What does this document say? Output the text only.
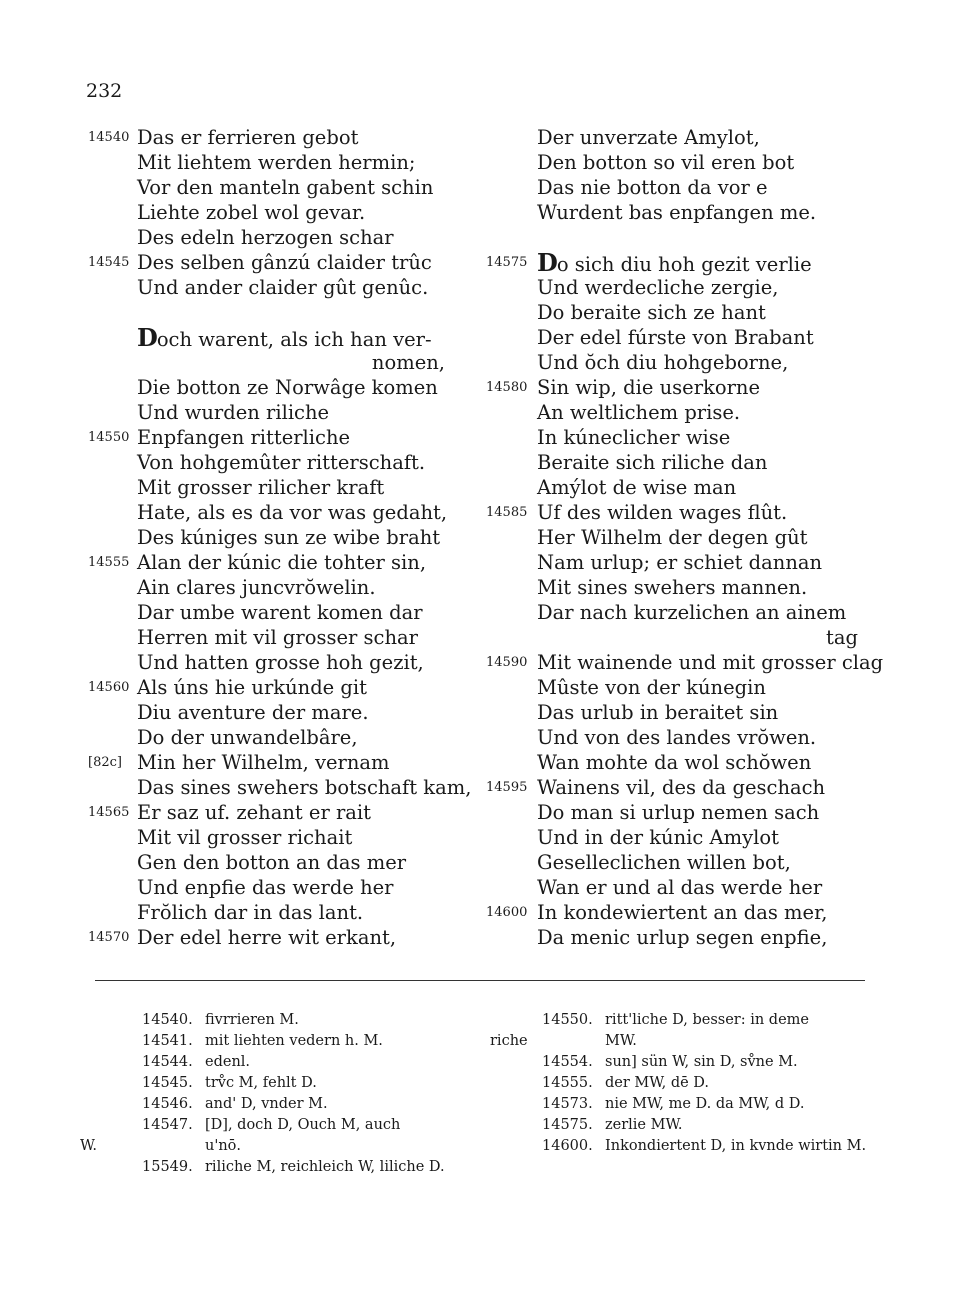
232
14540 Das er ferrieren gebot
Mit liehtem werden hermin;
Vor den manteln gabent schin
Liehte zobel wol gevar.
Des edeln herzogen schar
14545 Des selben gânzú claider trûc
Und ander claider gût genûc.
Doch warent, als ich han ver-
nomen,
Die botton ze Norwâge komen
Und wurden riliche
14550 Enpfangen ritterliche
Von hohgemûter ritterschaft.
Mit grosser rilicher kraft
Hate, als es da vor was gedaht,
Des kúniges sun ze wibe braht
14555 Alan der kúnic die tohter sin,
Ain clares juncvrŏwelin.
Dar umbe warent komen dar
Herren mit vil grosser schar
Und hatten grosse hoh gezit,
14560 Als úns hie urkúnde git
Diu aventure der mare.
Do der unwandelbâre,
[82c] Min her Wilhelm, vernam
Das sines swehers botschaft kam,
14565 Er saz uf. zehant er rait
Mit vil grosser richait
Gen den botton an das mer
Und enpfie das werde her
Frŏlich dar in das lant.
14570 Der edel herre wit erkant,
Der unverzate Amylot,
Den botton so vil eren bot
Das nie botton da vor e
Wurdent bas enpfangen me.
14575 Do sich diu hoh gezit verlie
Und werdecliche zergie,
Do beraite sich ze hant
Der edel fúrste von Brabant
Und ŏch diu hohgeborne,
14580 Sin wip, die userkorne
An weltlichem prise.
In kúneclicher wise
Beraite sich riliche dan
Amýlot de wise man
14585 Uf des wilden wages flût.
Her Wilhelm der degen gût
Nam urlup; er schiet dannan
Mit sines swehers mannen.
Dar nach kurzelichen an ainem
tag
14590 Mit wainende und mit grosser clag
Mûste von der kúnegin
Das urlub in beraitet sin
Und von des landes vrŏwen.
Wan mohte da wol schŏwen
14595 Wainens vil, des da geschach
Do man si urlup nemen sach
Und in der kúnic Amylot
Geselleclichen willen bot,
Wan er und al das werde her
14600 In kondewiertent an das mer,
Da menic urlup segen enpfie,
14540. fivrrieren M.
14541. mit liehten vedern h. M.
14544. edenl.
14545. trv͏̊c M, fehlt D.
14546. and' D, vnder M.
14547. [D], doch D, Ouch M, auch
W.	u'nō.
15549. riliche M, reichleich W, liliche D.
14550. ritt'liche D, besser: in deme
riche	MW.
14554. sun] sün W, sin D, sv̊ne M.
14555. der MW, dē D.
14573. nie MW, me D. da MW, d D.
14575. zerlie MW.
14600. Inkondiertent D, in kvnde wirtin M.
